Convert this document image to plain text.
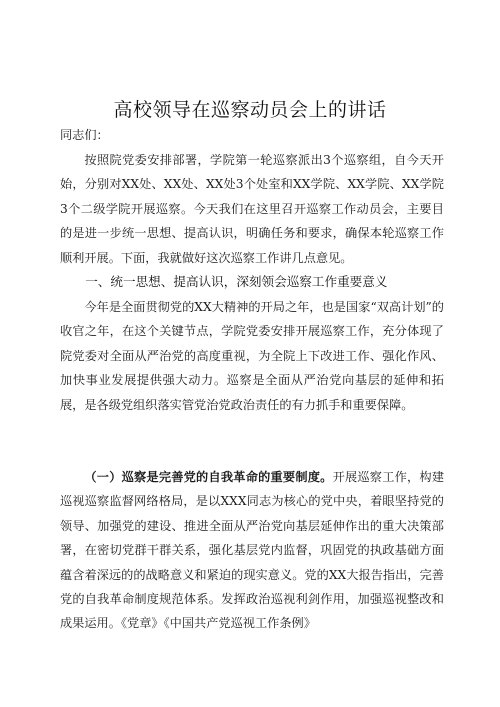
高校领导在巡察动员会上的讲话

同志们：

按照院党委安排部署，学院第一轮巡察派出3个巡察组，自今天开始，分别对XX处、XX处、XX处3个处室和XX学院、XX学院、XX学院3个二级学院开展巡察。今天我们在这里召开巡察工作动员会，主要目的是进一步统一思想、提高认识，明确任务和要求，确保本轮巡察工作顺利开展。下面，我就做好这次巡察工作讲几点意见。

一、统一思想、提高认识，深刻领会巡察工作重要意义

今年是全面贯彻党的XX大精神的开局之年，也是国家“双高计划”的收官之年，在这个关键节点，学院党委安排开展巡察工作，充分体现了院党委对全面从严治党的高度重视，为全院上下改进工作、强化作风、加快事业发展提供强大动力。巡察是全面从严治党向基层的延伸和拓展，是各级党组织落实管党治党政治责任的有力抓手和重要保障。

（一）巡察是完善党的自我革命的重要制度。开展巡察工作，构建巡视巡察监督网络格局，是以XXX同志为核心的党中央，着眼坚持党的领导、加强党的建设、推进全面从严治党向基层延伸作出的重大决策部署，在密切党群干群关系，强化基层党内监督，巩固党的执政基础方面蕴含着深远的的战略意义和紧迫的现实意义。党的XX大报告指出，完善党的自我革命制度规范体系。发挥政治巡视利剑作用，加强巡视整改和成果运用。《党章》《中国共产党巡视工作条例》
